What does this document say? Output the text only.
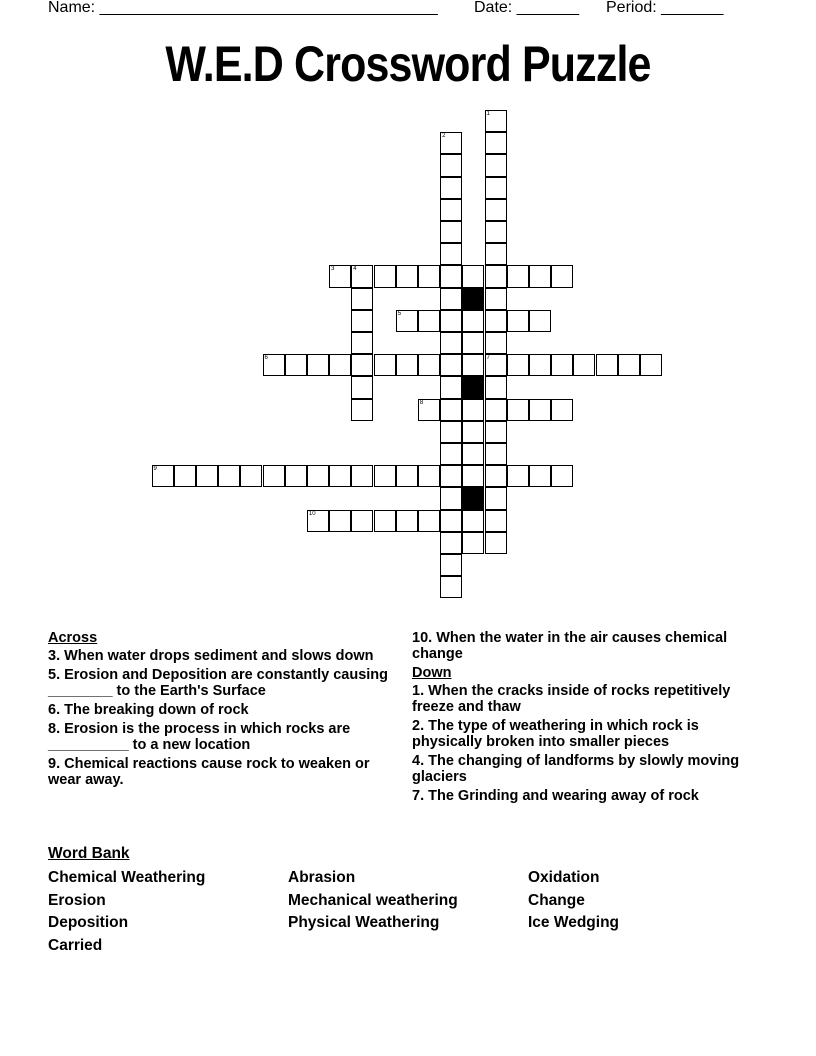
Name: ______________________________________ Date: _______ Period: _______
W.E.D Crossword Puzzle
1
7
2
4
3
5
6
8
9
10
Across

3. When water drops sediment and slows down

5. Erosion and Deposition are constantly causing ________ to the Earth's Surface

6. The breaking down of rock

8. Erosion is the process in which rocks are __________ to a new location

9. Chemical reactions cause rock to weaken or wear away.

10. When the water in the air causes chemical change

Down

1. When the cracks inside of rocks repetitively freeze and thaw

2. The type of weathering in which rock is physically broken into smaller pieces

4. The changing of landforms by slowly moving glaciers

7. The Grinding and wearing away of rock

Word Bank
Chemical Weathering
Erosion
Deposition
Carried
Abrasion
Mechanical weathering
Physical Weathering
Oxidation
Change
Ice Wedging
